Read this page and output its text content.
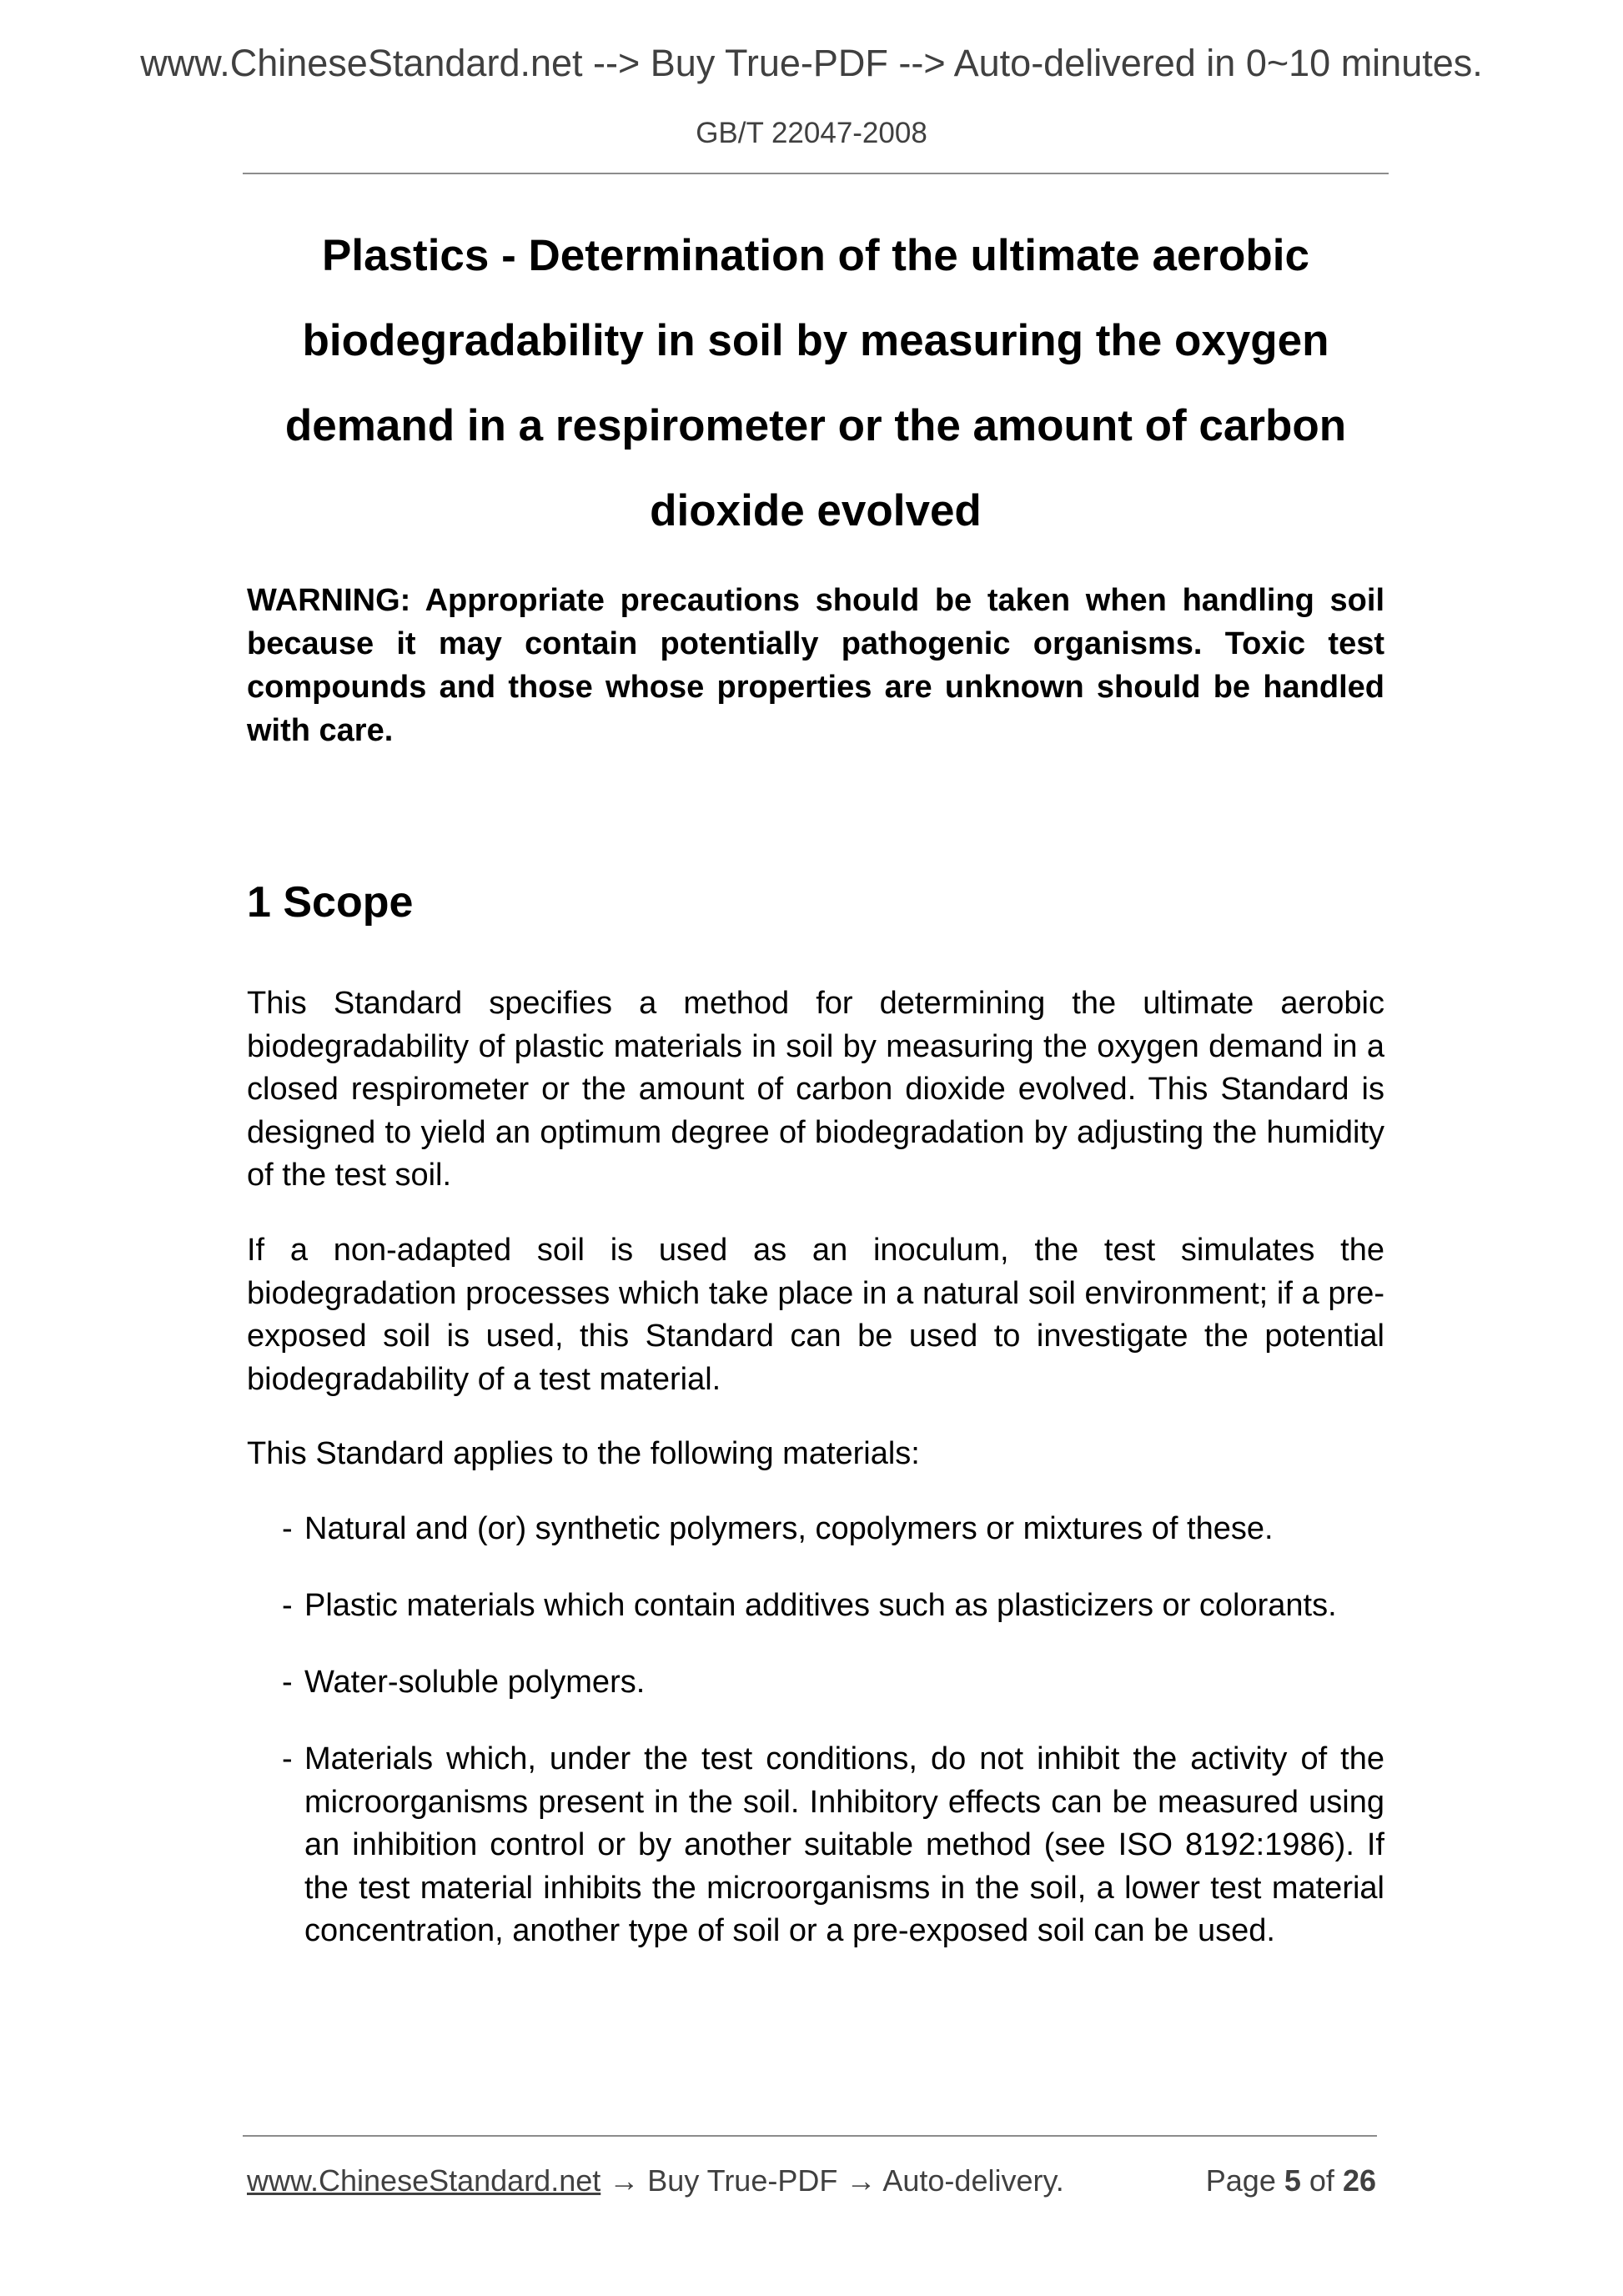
www.ChineseStandard.net --> Buy True-PDF --> Auto-delivered in 0~10 minutes.
GB/T 22047-2008
Plastics - Determination of the ultimate aerobic
biodegradability in soil by measuring the oxygen
demand in a respirometer or the amount of carbon
dioxide evolved

WARNING: Appropriate precautions should be taken when handling soil because it may contain potentially pathogenic organisms. Toxic test compounds and those whose properties are unknown should be handled with care.

1 Scope

This Standard specifies a method for determining the ultimate aerobic biodegradability of plastic materials in soil by measuring the oxygen demand in a closed respirometer or the amount of carbon dioxide evolved. This Standard is designed to yield an optimum degree of biodegradation by adjusting the humidity of the test soil.

If a non-adapted soil is used as an inoculum, the test simulates the biodegradation processes which take place in a natural soil environment; if a pre-exposed soil is used, this Standard can be used to investigate the potential biodegradability of a test material.

This Standard applies to the following materials:

- Natural and (or) synthetic polymers, copolymers or mixtures of these.
- Plastic materials which contain additives such as plasticizers or colorants.
- Water-soluble polymers.
- Materials which, under the test conditions, do not inhibit the activity of the microorganisms present in the soil. Inhibitory effects can be measured using an inhibition control or by another suitable method (see ISO 8192:1986). If the test material inhibits the microorganisms in the soil, a lower test material concentration, another type of soil or a pre-exposed soil can be used.
www.ChineseStandard.net → Buy True-PDF → Auto-delivery.	Page 5 of 26
